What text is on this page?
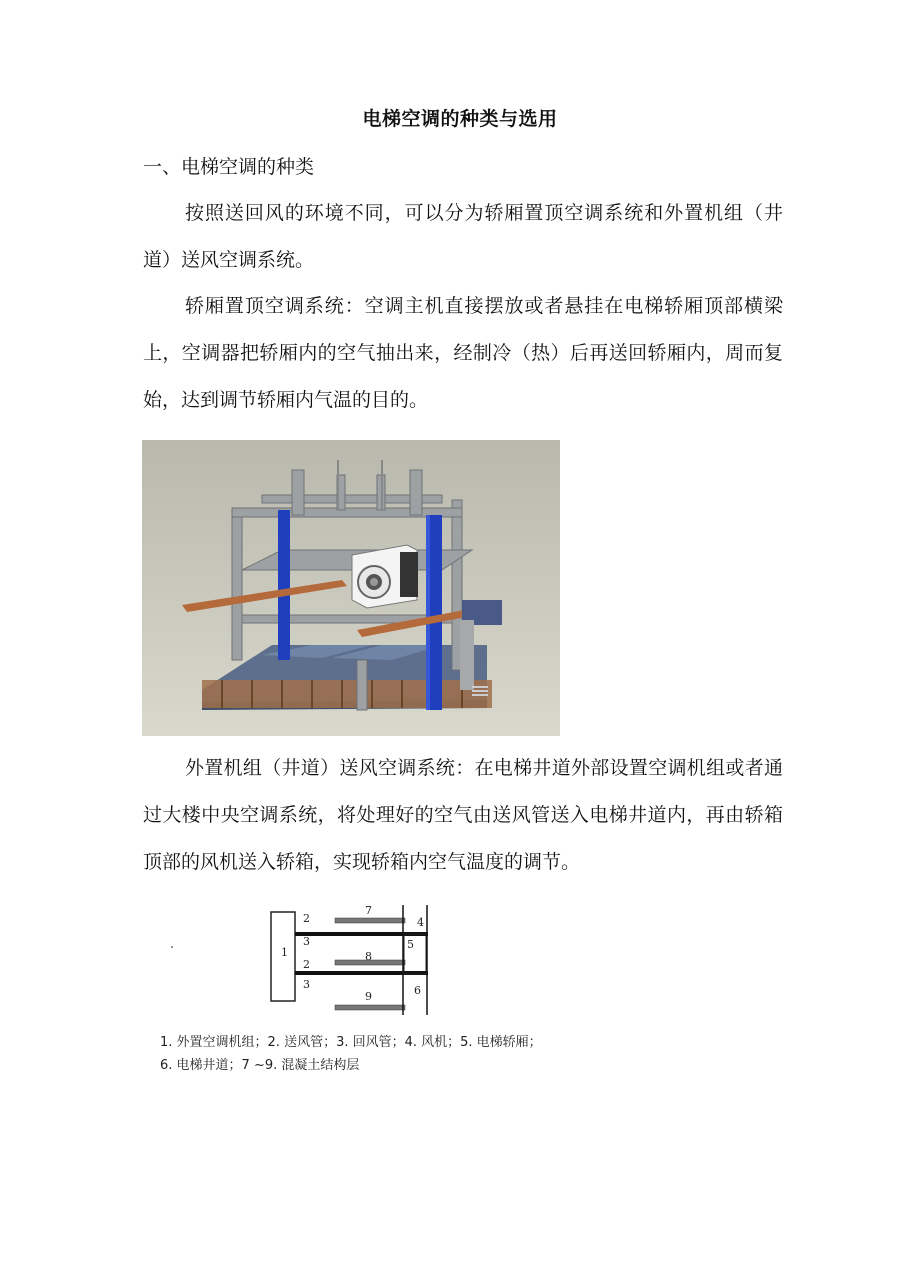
电梯空调的种类与选用
一、电梯空调的种类
按照送回风的环境不同，可以分为轿厢置顶空调系统和外置机组（井道）送风空调系统。
轿厢置顶空调系统：空调主机直接摆放或者悬挂在电梯轿厢顶部横梁上，空调器把轿厢内的空气抽出来，经制冷（热）后再送回轿厢内，周而复始，达到调节轿厢内气温的目的。
外置机组（井道）送风空调系统：在电梯井道外部设置空调机组或者通过大楼中央空调系统，将处理好的空气由送风管送入电梯井道内，再由轿箱顶部的风机送入轿箱，实现轿箱内空气温度的调节。
1
2
3
2
3
7
8
9
4
5
6
1. 外置空调机组；2. 送风管；3. 回风管；4. 风机；5. 电梯轿厢；
6. 电梯井道；7 ~9. 混凝土结构层
